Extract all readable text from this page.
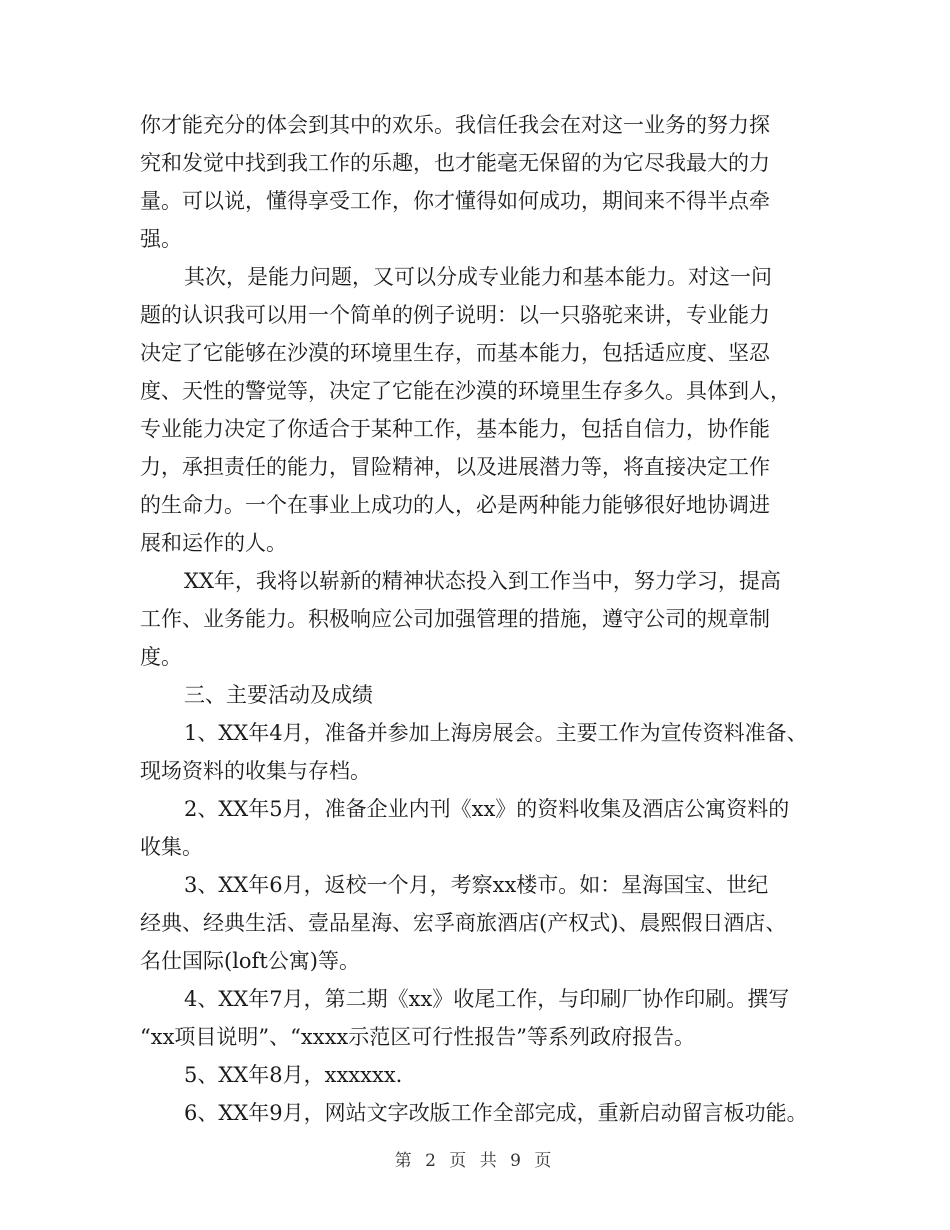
你才能充分的体会到其中的欢乐。我信任我会在对这一业务的努力探
究和发觉中找到我工作的乐趣，也才能毫无保留的为它尽我最大的力
量。可以说，懂得享受工作，你才懂得如何成功，期间来不得半点牵
强。
其次，是能力问题，又可以分成专业能力和基本能力。对这一问
题的认识我可以用一个简单的例子说明：以一只骆驼来讲，专业能力
决定了它能够在沙漠的环境里生存，而基本能力，包括适应度、坚忍
度、天性的警觉等，决定了它能在沙漠的环境里生存多久。具体到人，
专业能力决定了你适合于某种工作，基本能力，包括自信力，协作能
力，承担责任的能力，冒险精神，以及进展潜力等，将直接决定工作
的生命力。一个在事业上成功的人，必是两种能力能够很好地协调进
展和运作的人。
XX年，我将以崭新的精神状态投入到工作当中，努力学习，提高
工作、业务能力。积极响应公司加强管理的措施，遵守公司的规章制
度。
三、主要活动及成绩
1、XX年4月，准备并参加上海房展会。主要工作为宣传资料准备、
现场资料的收集与存档。
2、XX年5月，准备企业内刊《xx》的资料收集及酒店公寓资料的
收集。
3、XX年6月，返校一个月，考察xx楼市。如：星海国宝、世纪
经典、经典生活、壹品星海、宏孚商旅酒店(产权式)、晨熙假日酒店、
名仕国际(loft公寓)等。
4、XX年7月，第二期《xx》收尾工作，与印刷厂协作印刷。撰写
“xx项目说明”、“xxxx示范区可行性报告”等系列政府报告。
5、XX年8月，xxxxxx.
6、XX年9月，网站文字改版工作全部完成，重新启动留言板功能。
第 2 页 共 9 页
